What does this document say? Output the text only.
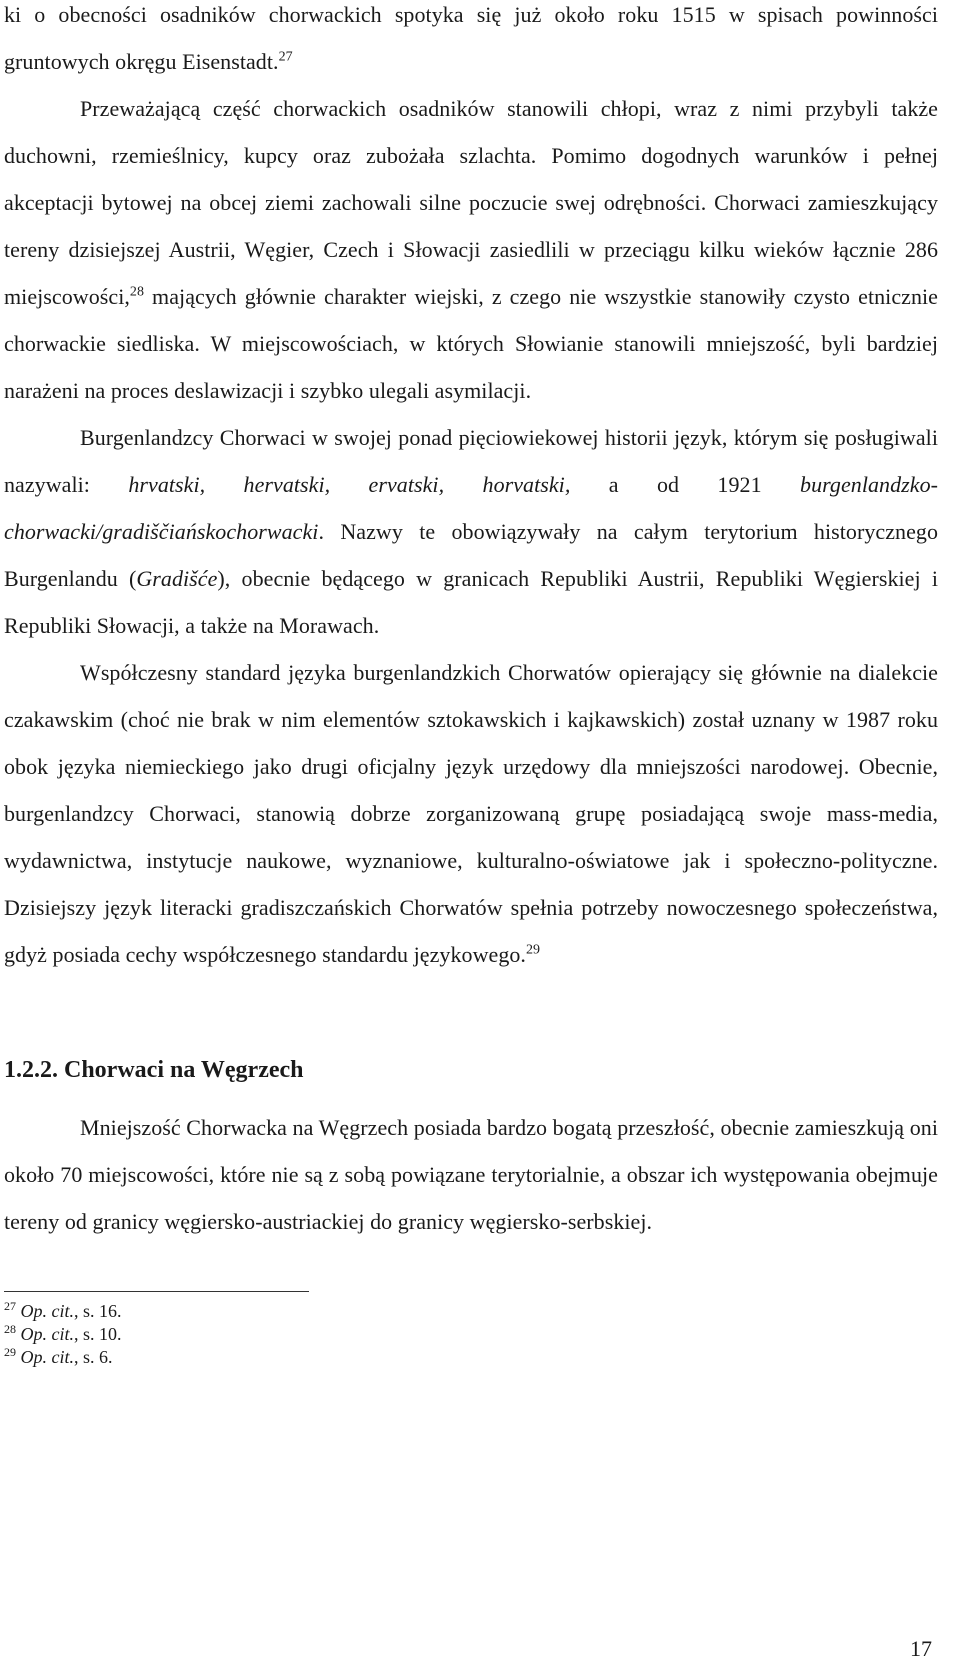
ki o obecności osadników chorwackich spotyka się już około roku 1515 w spisach powinności gruntowych okręgu Eisenstadt.$^{27}$

Przeważającą część chorwackich osadników stanowili chłopi, wraz z nimi przybyli także duchowni, rzemieślnicy, kupcy oraz zubożała szlachta. Pomimo dogodnych warunków i pełnej akceptacji bytowej na obcej ziemi zachowali silne poczucie swej odrębności. Chorwaci zamieszkujący tereny dzisiejszej Austrii, Węgier, Czech i Słowacji zasiedlili w przeciągu kilku wieków łącznie 286 miejscowości,$^{28}$ mających głównie charakter wiejski, z czego nie wszystkie stanowiły czysto etnicznie chorwackie siedliska. W miejscowościach, w których Słowianie stanowili mniejszość, byli bardziej narażeni na proces deslawizacji i szybko ulegali asymilacji.

Burgenlandzcy Chorwaci w swojej ponad pięciowiekowej historii język, którym się posługiwali nazywali: hrvatski, hervatski, ervatski, horvatski, a od 1921 burgenlandzko-chorwacki/gradiščiańskochorwacki. Nazwy te obowiązywały na całym terytorium historycznego Burgenlandu (Gradišće), obecnie będącego w granicach Republiki Austrii, Republiki Węgierskiej i Republiki Słowacji, a także na Morawach.

Współczesny standard języka burgenlandzkich Chorwatów opierający się głównie na dialekcie czakawskim (choć nie brak w nim elementów sztokawskich i kajkawskich) został uznany w 1987 roku obok języka niemieckiego jako drugi oficjalny język urzędowy dla mniejszości narodowej. Obecnie, burgenlandzcy Chorwaci, stanowią dobrze zorganizowaną grupę posiadającą swoje mass-media, wydawnictwa, instytucje naukowe, wyznaniowe, kulturalno-oświatowe jak i społeczno-polityczne. Dzisiejszy język literacki gradiszczańskich Chorwatów spełnia potrzeby nowoczesnego społeczeństwa, gdyż posiada cechy współczesnego standardu językowego.$^{29}$

1.2.2. Chorwaci na Węgrzech

Mniejszość Chorwacka na Węgrzech posiada bardzo bogatą przeszłość, obecnie zamieszkują oni około 70 miejscowości, które nie są z sobą powiązane terytorialnie, a obszar ich występowania obejmuje tereny od granicy węgiersko-austriackiej do granicy węgiersko-serbskiej.

$^{27}$ Op. cit., s. 16.
$^{28}$ Op. cit., s. 10.
$^{29}$ Op. cit., s. 6.
17
